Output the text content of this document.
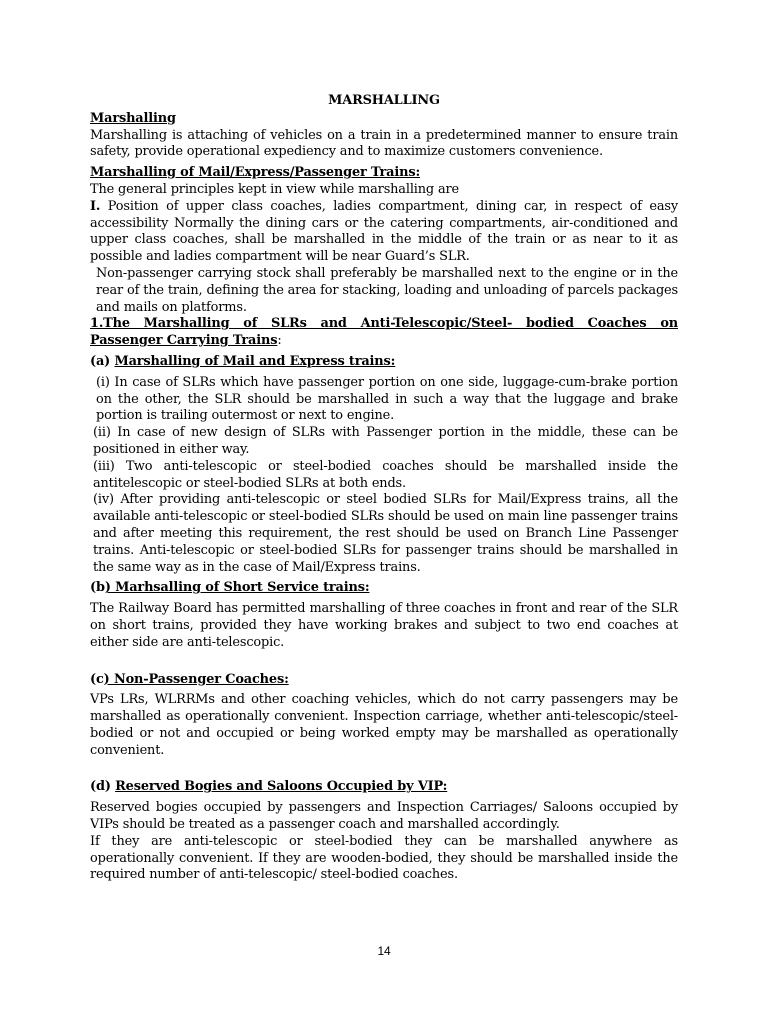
MARSHALLING

Marshalling

Marshalling is attaching of vehicles on a train in a predetermined manner to ensure train safety, provide operational expediency and to maximize customers convenience.

Marshalling of Mail/Express/Passenger Trains:

The general principles kept in view while marshalling are

I. Position of upper class coaches, ladies compartment, dining car, in respect of easy accessibility Normally the dining cars or the catering compartments, air-conditioned and upper class coaches, shall be marshalled in the middle of the train or as near to it as possible and ladies compartment will be near Guard’s SLR.

Non-passenger carrying stock shall preferably be marshalled next to the engine or in the rear of the train, defining the area for stacking, loading and unloading of parcels packages and mails on platforms.

1.The Marshalling of SLRs and Anti-Telescopic/Steel- bodied Coaches on Passenger Carrying Trains:

(a) Marshalling of Mail and Express trains:

(i) In case of SLRs which have passenger portion on one side, luggage-cum-brake portion on the other, the SLR should be marshalled in such a way that the luggage and brake portion is trailing outermost or next to engine.

(ii) In case of new design of SLRs with Passenger portion in the middle, these can be positioned in either way.

(iii) Two anti-telescopic or steel-bodied coaches should be marshalled inside the antitelescopic or steel-bodied SLRs at both ends.

(iv) After providing anti-telescopic or steel bodied SLRs for Mail/Express trains, all the available anti-telescopic or steel-bodied SLRs should be used on main line passenger trains and after meeting this requirement, the rest should be used on Branch Line Passenger trains. Anti-telescopic or steel-bodied SLRs for passenger trains should be marshalled in the same way as in the case of Mail/Express trains.

(b) Marhsalling of Short Service trains:

The Railway Board has permitted marshalling of three coaches in front and rear of the SLR on short trains, provided they have working brakes and subject to two end coaches at either side are anti-telescopic.

(c) Non-Passenger Coaches:

VPs LRs, WLRRMs and other coaching vehicles, which do not carry passengers may be marshalled as operationally convenient. Inspection carriage, whether anti-telescopic/steel-bodied or not and occupied or being worked empty may be marshalled as operationally convenient.

(d) Reserved Bogies and Saloons Occupied by VIP:

Reserved bogies occupied by passengers and Inspection Carriages/ Saloons occupied by VIPs should be treated as a passenger coach and marshalled accordingly.

If they are anti-telescopic or steel-bodied they can be marshalled anywhere as operationally convenient. If they are wooden-bodied, they should be marshalled inside the required number of anti-telescopic/ steel-bodied coaches.

14
